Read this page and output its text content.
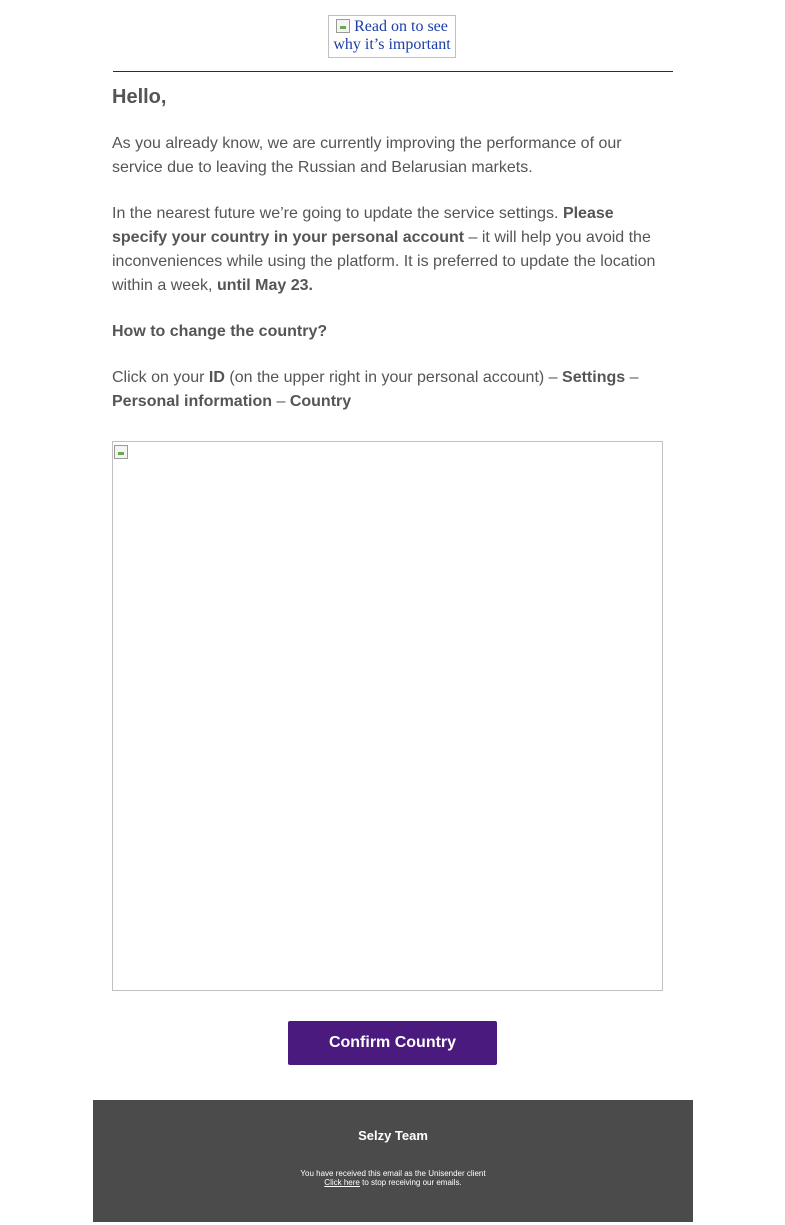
Read on to see why it’s important
Hello,

As you already know, we are currently improving the performance of our service due to leaving the Russian and Belarusian markets.

In the nearest future we’re going to update the service settings. Please specify your country in your personal account – it will help you avoid the inconveniences while using the platform. It is preferred to update the location within a week, until May 23.

How to change the country?

Click on your ID (on the upper right in your personal account) – Settings – Personal information – Country

Confirm Country
Selzy Team
You have received this email as the Unisender client
Click here to stop receiving our emails.
